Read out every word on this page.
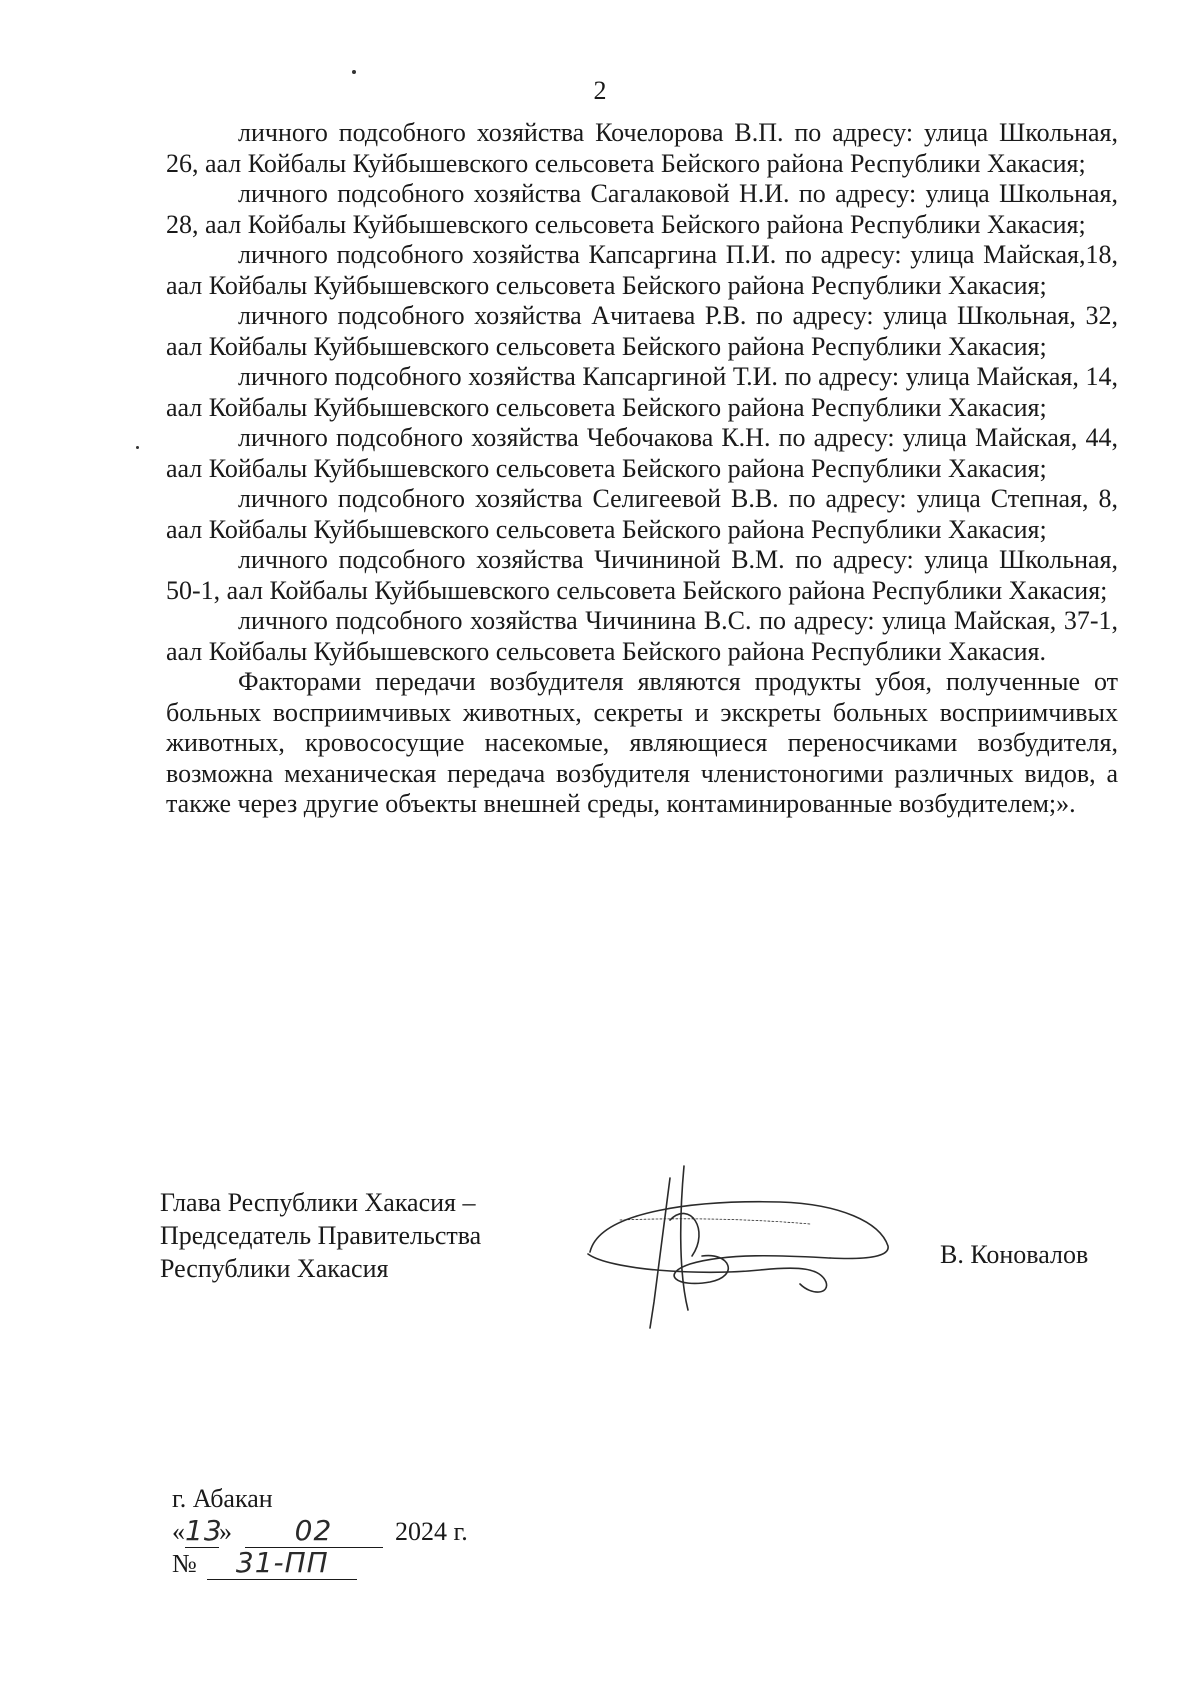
2

личного подсобного хозяйства Кочелорова В.П. по адресу: улица Школьная, 26, аал Койбалы Куйбышевского сельсовета Бейского района Республики Хакасия;

личного подсобного хозяйства Сагалаковой Н.И. по адресу: улица Школьная, 28, аал Койбалы Куйбышевского сельсовета Бейского района Республики Хакасия;

личного подсобного хозяйства Капсаргина П.И. по адресу: улица Майская,18, аал Койбалы Куйбышевского сельсовета Бейского района Республики Хакасия;

личного подсобного хозяйства Ачитаева Р.В. по адресу: улица Школьная, 32, аал Койбалы Куйбышевского сельсовета Бейского района Республики Хакасия;

личного подсобного хозяйства Капсаргиной Т.И. по адресу: улица Майская, 14, аал Койбалы Куйбышевского сельсовета Бейского района Республики Хакасия;

личного подсобного хозяйства Чебочакова К.Н. по адресу: улица Майская, 44, аал Койбалы Куйбышевского сельсовета Бейского района Республики Хакасия;

личного подсобного хозяйства Селигеевой В.В. по адресу: улица Степная, 8, аал Койбалы Куйбышевского сельсовета Бейского района Республики Хакасия;

личного подсобного хозяйства Чичининой В.М. по адресу: улица Школьная, 50-1, аал Койбалы Куйбышевского сельсовета Бейского района Республики Хакасия;

личного подсобного хозяйства Чичинина В.С. по адресу: улица Майская, 37-1, аал Койбалы Куйбышевского сельсовета Бейского района Республики Хакасия.

Факторами передачи возбудителя являются продукты убоя, полученные от больных восприимчивых животных, секреты и экскреты больных восприимчивых животных, кровососущие насекомые, являющиеся переносчиками возбудителя, возможна механическая передача возбудителя членистоногими различных видов, а также через другие объекты внешней среды, контаминированные возбудителем;».

Глава Республики Хакасия –
Председатель Правительства
Республики Хакасия	В. Коновалов
г. Абакан
«13» 02 2024 г.
№ 31-ПП
